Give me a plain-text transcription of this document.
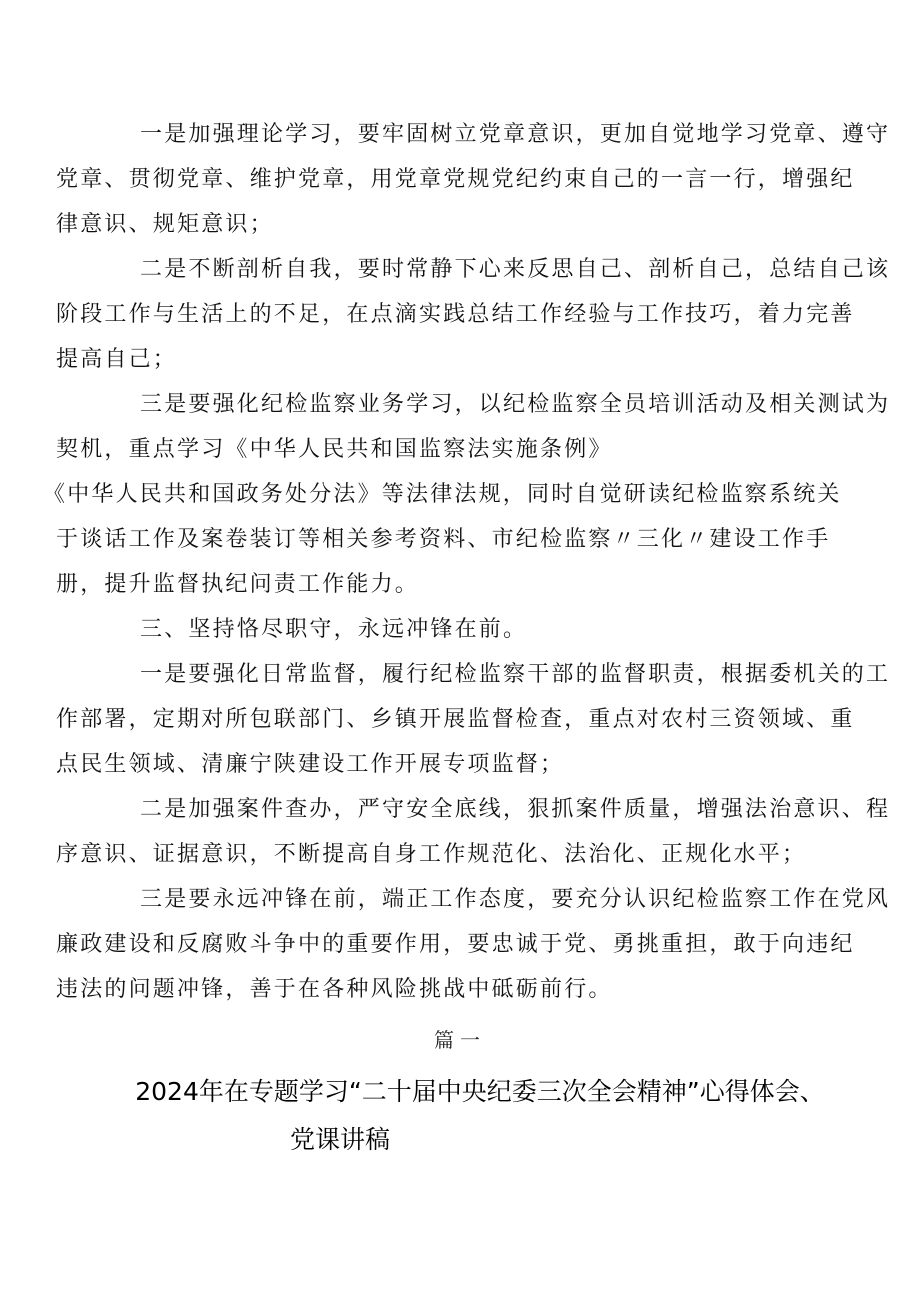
一是加强理论学习，要牢固树立党章意识，更加自觉地学习党章、遵守
党章、贯彻党章、维护党章，用党章党规党纪约束自己的一言一行，增强纪
律意识、规矩意识；
二是不断剖析自我，要时常静下心来反思自己、剖析自己，总结自己该
阶段工作与生活上的不足，在点滴实践总结工作经验与工作技巧，着力完善
提高自己；
三是要强化纪检监察业务学习，以纪检监察全员培训活动及相关测试为
契机，重点学习《中华人民共和国监察法实施条例》
《中华人民共和国政务处分法》等法律法规，同时自觉研读纪检监察系统关
于谈话工作及案卷装订等相关参考资料、市纪检监察〃三化〃建设工作手
册，提升监督执纪问责工作能力。
三、坚持恪尽职守，永远冲锋在前。
一是要强化日常监督，履行纪检监察干部的监督职责，根据委机关的工
作部署，定期对所包联部门、乡镇开展监督检查，重点对农村三资领域、重
点民生领域、清廉宁陕建设工作开展专项监督；
二是加强案件查办，严守安全底线，狠抓案件质量，增强法治意识、程
序意识、证据意识，不断提高自身工作规范化、法治化、正规化水平；
三是要永远冲锋在前，端正工作态度，要充分认识纪检监察工作在党风
廉政建设和反腐败斗争中的重要作用，要忠诚于党、勇挑重担，敢于向违纪
违法的问题冲锋，善于在各种风险挑战中砥砺前行。
篇一
2024年在专题学习“二十届中央纪委三次全会精神”心得体会、
党课讲稿
